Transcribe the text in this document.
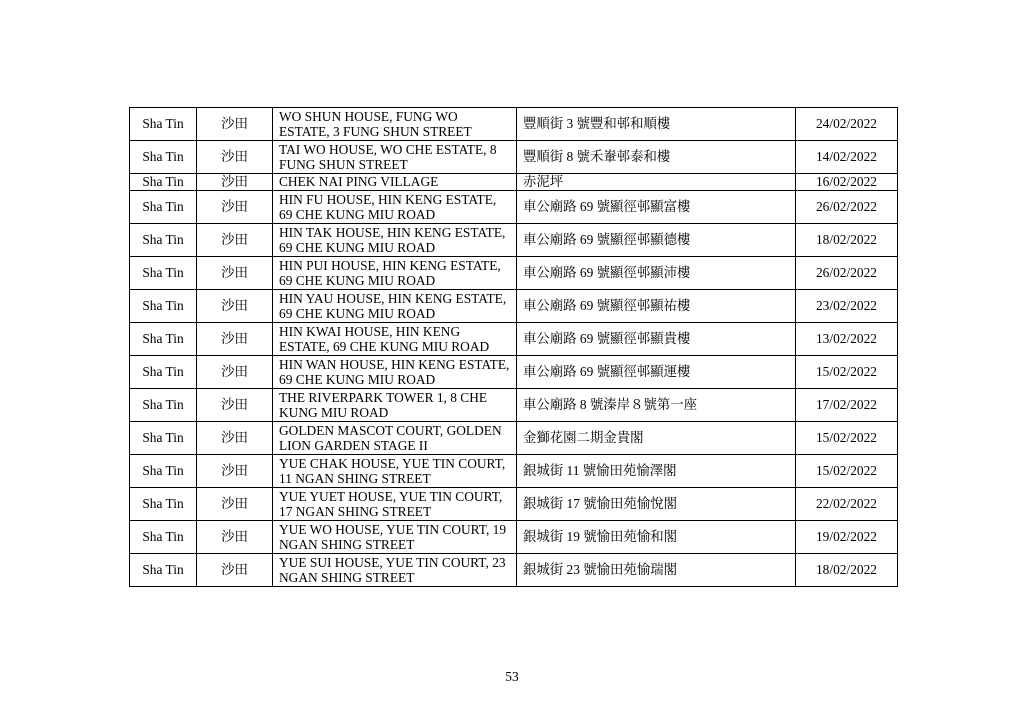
Sha Tin	沙田	WO SHUN HOUSE, FUNG WO ESTATE, 3 FUNG SHUN STREET	豐順街 3 號豐和邨和順樓	24/02/2022
Sha Tin	沙田	TAI WO HOUSE, WO CHE ESTATE, 8 FUNG SHUN STREET	豐順街 8 號禾輋邨泰和樓	14/02/2022
Sha Tin	沙田	CHEK NAI PING VILLAGE	赤泥坪	16/02/2022
Sha Tin	沙田	HIN FU HOUSE, HIN KENG ESTATE, 69 CHE KUNG MIU ROAD	車公廟路 69 號顯徑邨顯富樓	26/02/2022
Sha Tin	沙田	HIN TAK HOUSE, HIN KENG ESTATE, 69 CHE KUNG MIU ROAD	車公廟路 69 號顯徑邨顯德樓	18/02/2022
Sha Tin	沙田	HIN PUI HOUSE, HIN KENG ESTATE, 69 CHE KUNG MIU ROAD	車公廟路 69 號顯徑邨顯沛樓	26/02/2022
Sha Tin	沙田	HIN YAU HOUSE, HIN KENG ESTATE, 69 CHE KUNG MIU ROAD	車公廟路 69 號顯徑邨顯祐樓	23/02/2022
Sha Tin	沙田	HIN KWAI HOUSE, HIN KENG ESTATE, 69 CHE KUNG MIU ROAD	車公廟路 69 號顯徑邨顯貴樓	13/02/2022
Sha Tin	沙田	HIN WAN HOUSE, HIN KENG ESTATE, 69 CHE KUNG MIU ROAD	車公廟路 69 號顯徑邨顯運樓	15/02/2022
Sha Tin	沙田	THE RIVERPARK TOWER 1, 8 CHE KUNG MIU ROAD	車公廟路 8 號溱岸８號第一座	17/02/2022
Sha Tin	沙田	GOLDEN MASCOT COURT, GOLDEN LION GARDEN STAGE II	金獅花園二期金貴閣	15/02/2022
Sha Tin	沙田	YUE CHAK HOUSE, YUE TIN COURT, 11 NGAN SHING STREET	銀城街 11 號愉田苑愉澤閣	15/02/2022
Sha Tin	沙田	YUE YUET HOUSE, YUE TIN COURT, 17 NGAN SHING STREET	銀城街 17 號愉田苑愉悅閣	22/02/2022
Sha Tin	沙田	YUE WO HOUSE, YUE TIN COURT, 19 NGAN SHING STREET	銀城街 19 號愉田苑愉和閣	19/02/2022
Sha Tin	沙田	YUE SUI HOUSE, YUE TIN COURT, 23 NGAN SHING STREET	銀城街 23 號愉田苑愉瑞閣	18/02/2022
53
